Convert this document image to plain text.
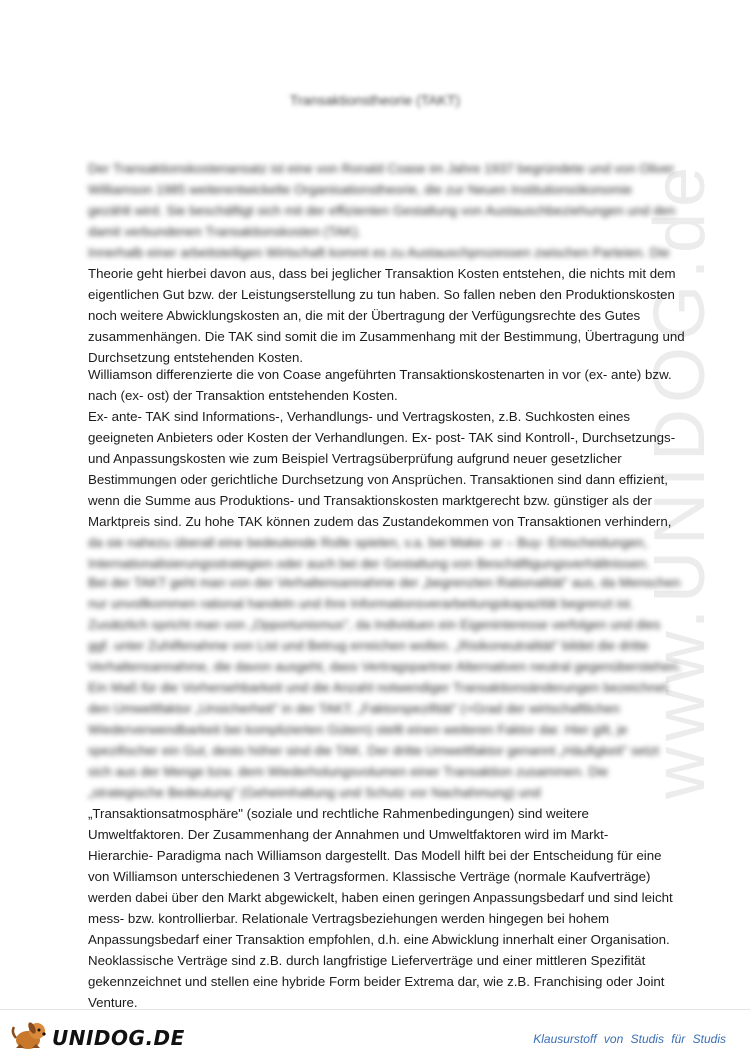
www.UNIDOG.de
Transaktionstheorie (TAKT)

Der Transaktionskostenansatz ist eine von Ronald Coase im Jahre 1937 begründete und von Oliver
Williamson 1985 weiterentwickelte Organisationstheorie, die zur Neuen Institutionsökonomie
gezählt wird. Sie beschäftigt sich mit der effizienten Gestaltung von Austauschbeziehungen und den
damit verbundenen Transaktionskosten (TAK).
Innerhalb einer arbeitsteiligen Wirtschaft kommt es zu Austauschprozessen zwischen Parteien. Die

Theorie geht hierbei davon aus, dass bei jeglicher Transaktion Kosten entstehen, die nichts mit dem
eigentlichen Gut bzw. der Leistungserstellung zu tun haben. So fallen neben den Produktionskosten
noch weitere Abwicklungskosten an, die mit der Übertragung der Verfügungsrechte des Gutes
zusammenhängen. Die TAK sind somit die im Zusammenhang mit der Bestimmung, Übertragung und
Durchsetzung entstehenden Kosten.

Williamson differenzierte die von Coase angeführten Transaktionskostenarten in vor (ex- ante) bzw.
nach (ex- ost) der Transaktion entstehenden Kosten.
Ex- ante- TAK sind Informations-, Verhandlungs- und Vertragskosten, z.B. Suchkosten eines
geeigneten Anbieters oder Kosten der Verhandlungen. Ex- post- TAK sind Kontroll-, Durchsetzungs-
und Anpassungskosten wie zum Beispiel Vertragsüberprüfung aufgrund neuer gesetzlicher
Bestimmungen oder gerichtliche Durchsetzung von Ansprüchen. Transaktionen sind dann effizient,
wenn die Summe aus Produktions- und Transaktionskosten marktgerecht bzw. günstiger als der
Marktpreis sind. Zu hohe TAK können zudem das Zustandekommen von Transaktionen verhindern,

da sie nahezu überall eine bedeutende Rolle spielen, v.a. bei Make- or – Buy- Entscheidungen,
Internationalisierungsstrategien oder auch bei der Gestaltung von Beschäftigungsverhältnissen.

Bei der TAKT geht man von der Verhaltensannahme der „begrenzten Rationalität" aus, da Menschen
nur unvollkommen rational handeln und ihre Informationsverarbeitungskapazität begrenzt ist.
Zusätzlich spricht man von „Opportunismus", da Individuen ein Eigeninteresse verfolgen und dies
ggf. unter Zuhilfenahme von List und Betrug erreichen wollen. „Risikoneutralität" bildet die dritte
Verhaltensannahme, die davon ausgeht, dass Vertragspartner Alternativen neutral gegenüberstehen.
Ein Maß für die Vorhersehbarkeit und die Anzahl notwendiger Transaktionsänderungen bezeichnet
den Umweltfaktor „Unsicherheit" in der TAKT. „Faktorspezifität" (=Grad der wirtschaftlichen
Wiederverwendbarkeit bei komplizierten Gütern) stellt einen weiteren Faktor dar. Hier gilt, je
spezifischer ein Gut, desto höher sind die TAK. Der dritte Umweltfaktor genannt „Häufigkeit" setzt
sich aus der Menge bzw. dem Wiederholungsvolumen einer Transaktion zusammen. Die
„strategische Bedeutung" (Geheimhaltung und Schutz vor Nachahmung) und

„Transaktionsatmosphäre" (soziale und rechtliche Rahmenbedingungen) sind weitere
Umweltfaktoren. Der Zusammenhang der Annahmen und Umweltfaktoren wird im Markt-
Hierarchie- Paradigma nach Williamson dargestellt. Das Modell hilft bei der Entscheidung für eine
von Williamson unterschiedenen 3 Vertragsformen. Klassische Verträge (normale Kaufverträge)
werden dabei über den Markt abgewickelt, haben einen geringen Anpassungsbedarf und sind leicht
mess- bzw. kontrollierbar. Relationale Vertragsbeziehungen werden hingegen bei hohem
Anpassungsbedarf einer Transaktion empfohlen, d.h. eine Abwicklung innerhalt einer Organisation.
Neoklassische Verträge sind z.B. durch langfristige Lieferverträge und einer mittleren Spezifität
gekennzeichnet und stellen eine hybride Form beider Extrema dar, wie z.B. Franchising oder Joint
Venture.

UNIDOG.DE	Klausurstoff von Studis für Studis
